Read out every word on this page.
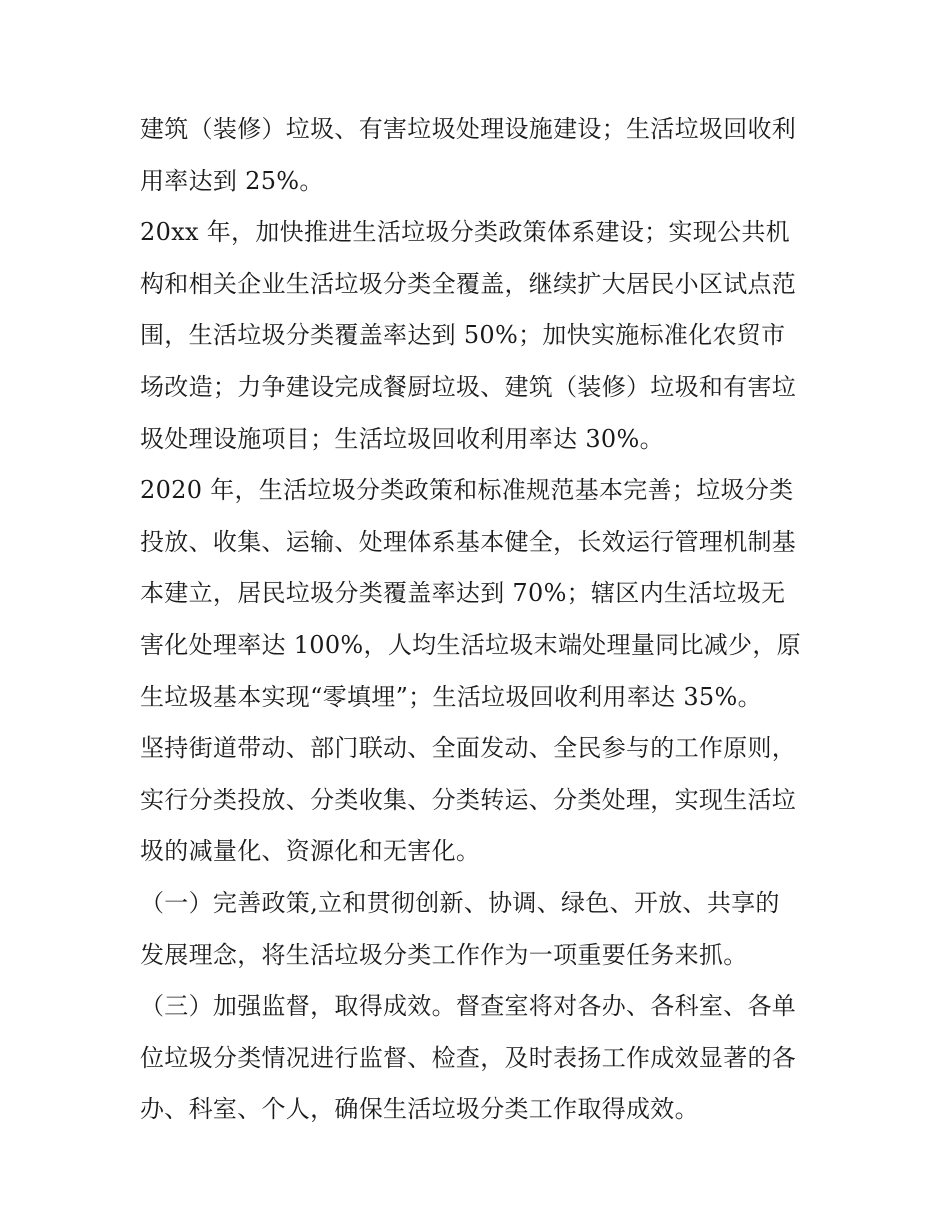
建筑（装修）垃圾、有害垃圾处理设施建设；生活垃圾回收利
用率达到 25%。
20xx 年，加快推进生活垃圾分类政策体系建设；实现公共机
构和相关企业生活垃圾分类全覆盖，继续扩大居民小区试点范
围，生活垃圾分类覆盖率达到 50%；加快实施标准化农贸市
场改造；力争建设完成餐厨垃圾、建筑（装修）垃圾和有害垃
圾处理设施项目；生活垃圾回收利用率达 30%。
2020 年，生活垃圾分类政策和标准规范基本完善；垃圾分类
投放、收集、运输、处理体系基本健全，长效运行管理机制基
本建立，居民垃圾分类覆盖率达到 70%；辖区内生活垃圾无
害化处理率达 100%，人均生活垃圾末端处理量同比减少，原
生垃圾基本实现“零填埋”；生活垃圾回收利用率达 35%。
坚持街道带动、部门联动、全面发动、全民参与的工作原则，
实行分类投放、分类收集、分类转运、分类处理，实现生活垃
圾的减量化、资源化和无害化。
（一）完善政策,立和贯彻创新、协调、绿色、开放、共享的
发展理念，将生活垃圾分类工作作为一项重要任务来抓。
（三）加强监督，取得成效。督查室将对各办、各科室、各单
位垃圾分类情况进行监督、检查，及时表扬工作成效显著的各
办、科室、个人，确保生活垃圾分类工作取得成效。
